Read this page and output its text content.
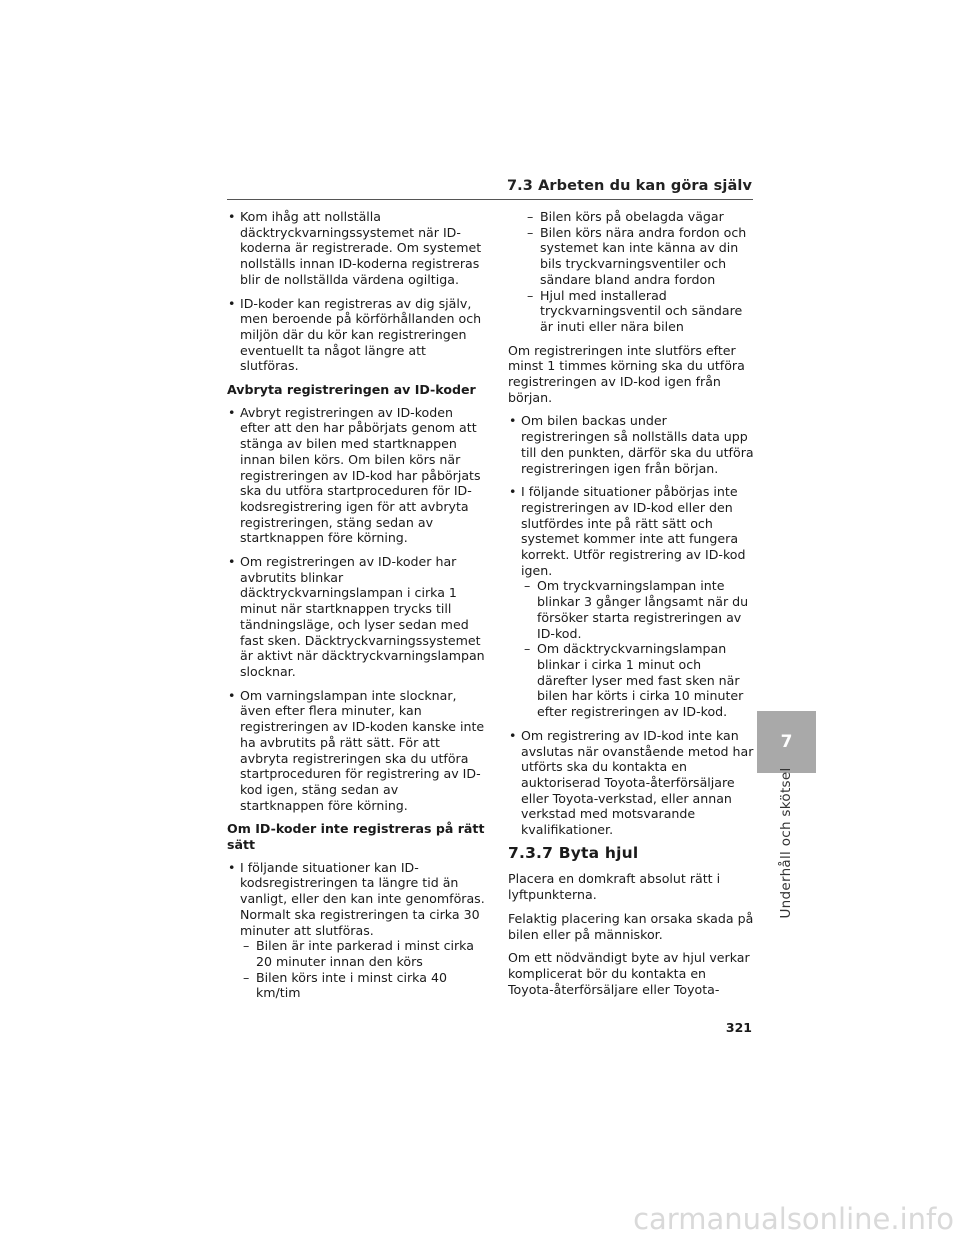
7.3 Arbeten du kan göra själv

• Kom ihåg att nollställa däcktryckvarningssystemet när ID-koderna är registrerade. Om systemet nollställs innan ID-koderna registreras blir de nollställda värdena ogiltiga.

• ID-koder kan registreras av dig själv, men beroende på körförhållanden och miljön där du kör kan registreringen eventuellt ta något längre att slutföras.

Avbryta registreringen av ID-koder

• Avbryt registreringen av ID-koden efter att den har påbörjats genom att stänga av bilen med startknappen innan bilen körs. Om bilen körs när registreringen av ID-kod har påbörjats ska du utföra startproceduren för ID-kodsregistrering igen för att avbryta registreringen, stäng sedan av startknappen före körning.

• Om registreringen av ID-koder har avbrutits blinkar däcktryckvarningslampan i cirka 1 minut när startknappen trycks till tändningsläge, och lyser sedan med fast sken. Däcktryckvarningssystemet är aktivt när däcktryckvarningslampan slocknar.

• Om varningslampan inte slocknar, även efter flera minuter, kan registreringen av ID-koden kanske inte ha avbrutits på rätt sätt. För att avbryta registreringen ska du utföra startproceduren för registrering av ID-kod igen, stäng sedan av startknappen före körning.

Om ID-koder inte registreras på rätt sätt

• I följande situationer kan ID-kodsregistreringen ta längre tid än vanligt, eller den kan inte genomföras. Normalt ska registreringen ta cirka 30 minuter att slutföras.

– Bilen är inte parkerad i minst cirka 20 minuter innan den körs

– Bilen körs inte i minst cirka 40 km/tim

– Bilen körs på obelagda vägar

– Bilen körs nära andra fordon och systemet kan inte känna av din bils tryckvarningsventiler och sändare bland andra fordon

– Hjul med installerad tryckvarningsventil och sändare är inuti eller nära bilen

Om registreringen inte slutförs efter minst 1 timmes körning ska du utföra registreringen av ID-kod igen från början.

• Om bilen backas under registreringen så nollställs data upp till den punkten, därför ska du utföra registreringen igen från början.

• I följande situationer påbörjas inte registreringen av ID-kod eller den slutfördes inte på rätt sätt och systemet kommer inte att fungera korrekt. Utför registrering av ID-kod igen.

– Om tryckvarningslampan inte blinkar 3 gånger långsamt när du försöker starta registreringen av ID-kod.

– Om däcktryckvarningslampan blinkar i cirka 1 minut och därefter lyser med fast sken när bilen har körts i cirka 10 minuter efter registreringen av ID-kod.

• Om registrering av ID-kod inte kan avslutas när ovanstående metod har utförts ska du kontakta en auktoriserad Toyota-återförsäljare eller Toyota-verkstad, eller annan verkstad med motsvarande kvalifikationer.

7.3.7 Byta hjul

Placera en domkraft absolut rätt i lyftpunkterna.

Felaktig placering kan orsaka skada på bilen eller på människor.

Om ett nödvändigt byte av hjul verkar komplicerat bör du kontakta en Toyota-återförsäljare eller Toyota-

7
Underhåll och skötsel
321
carmanualsonline.info
